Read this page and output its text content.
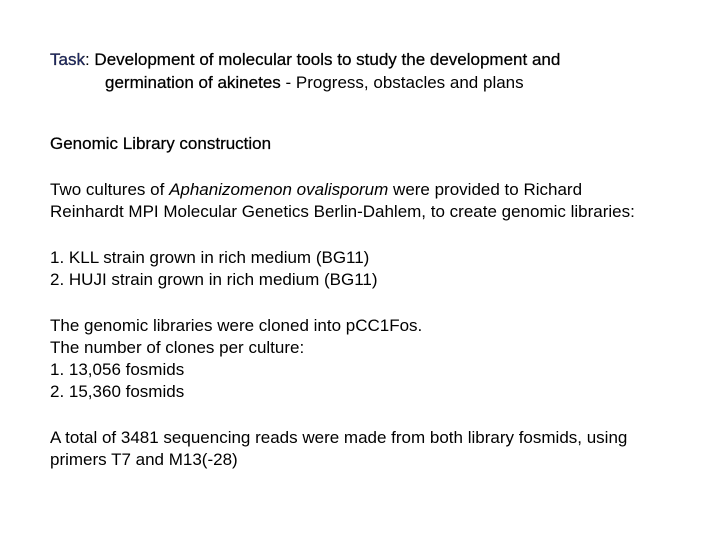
Task: Development of molecular tools to study the development and
germination of akinetes - Progress, obstacles and plans

Genomic Library construction

Two cultures of Aphanizomenon ovalisporum were provided to Richard
Reinhardt MPI Molecular Genetics Berlin-Dahlem, to create genomic libraries:

1. KLL strain grown in rich medium (BG11)
2. HUJI strain grown in rich medium (BG11)
The genomic libraries were cloned into pCC1Fos.
The number of clones per culture:
1. 13,056 fosmids
2. 15,360 fosmids
A total of 3481 sequencing reads were made from both library fosmids, using
primers T7 and M13(-28)
